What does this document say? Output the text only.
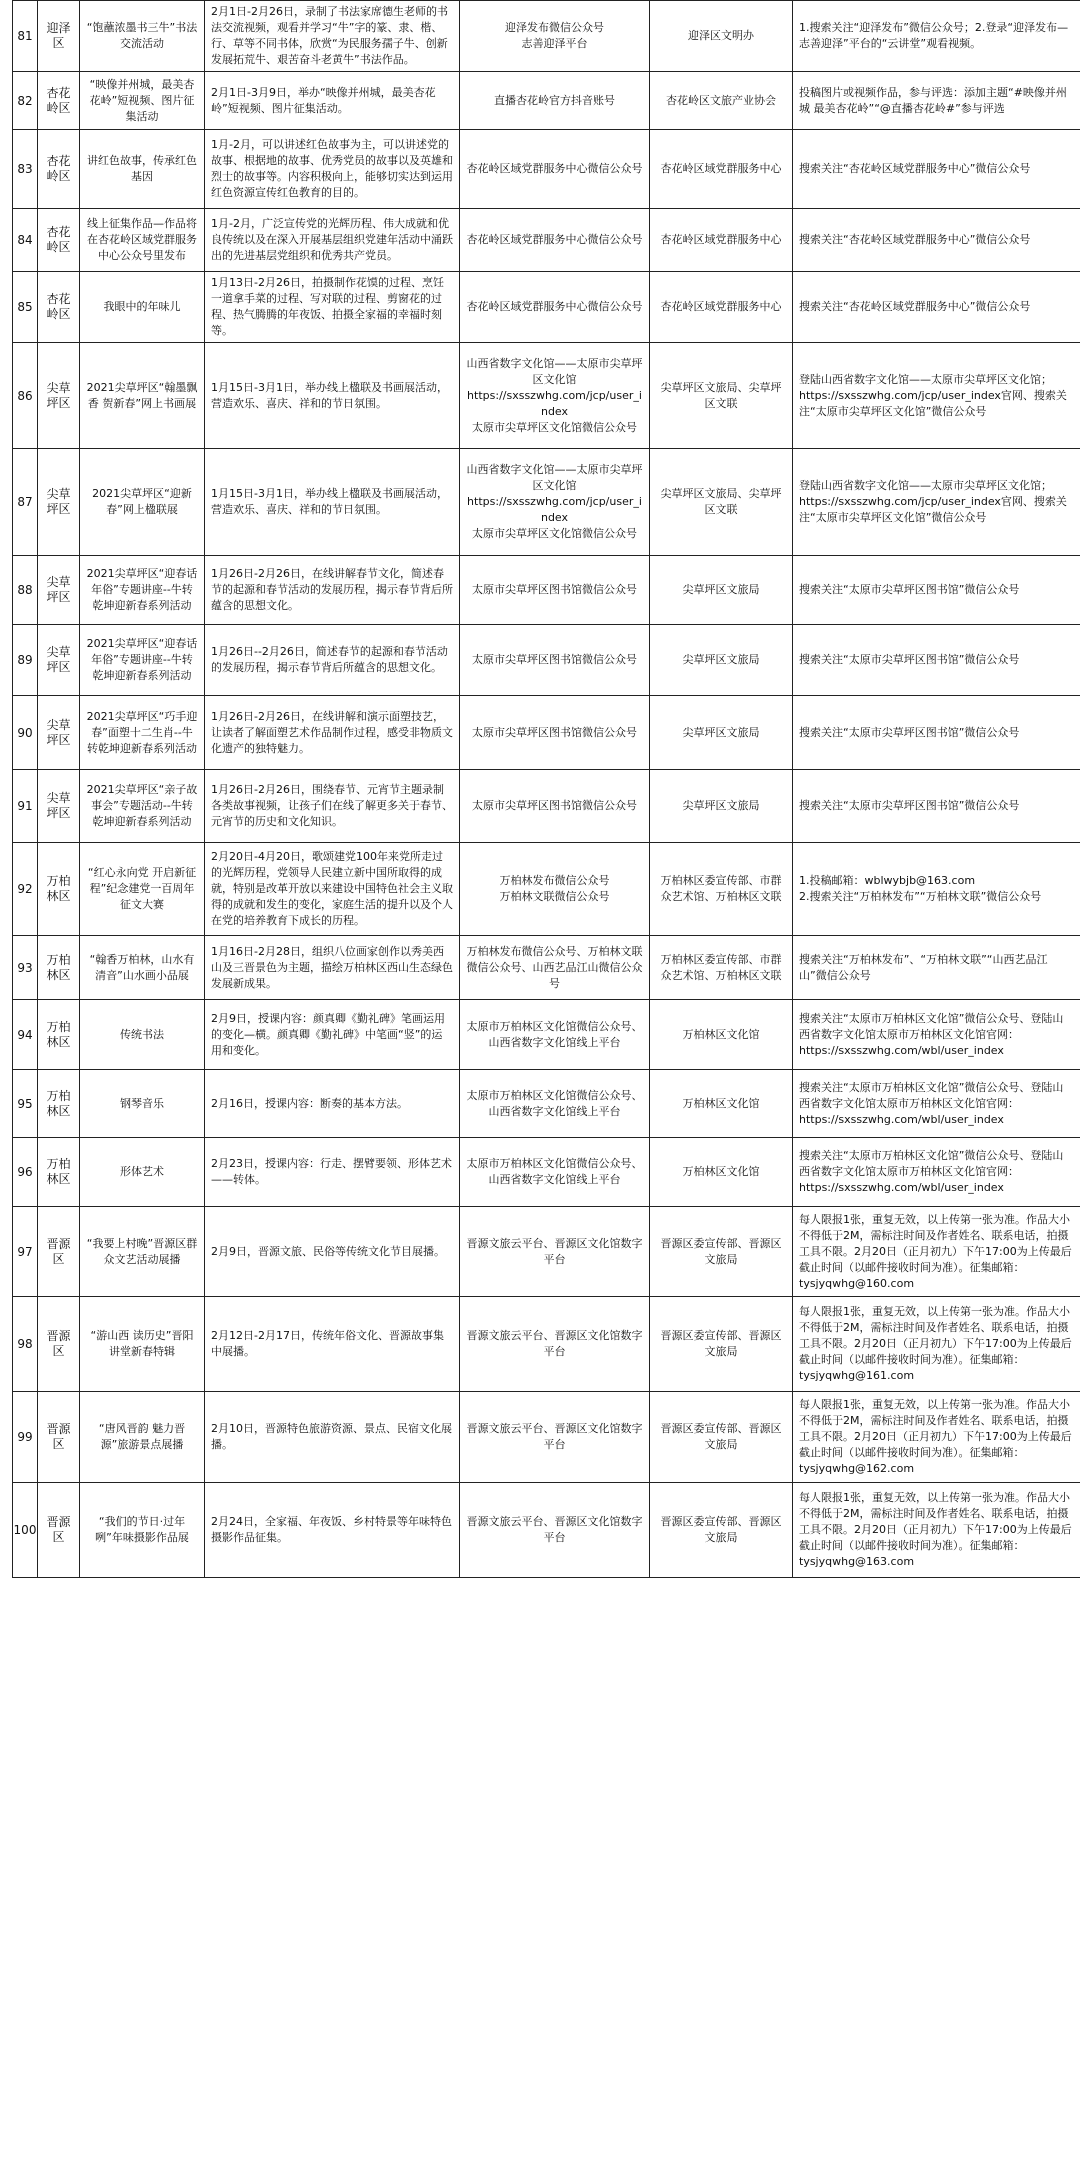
81	迎泽区	“饱蘸浓墨书三牛”书法交流活动	2月1日-2月26日，录制了书法家席德生老师的书法交流视频，观看并学习“牛”字的篆、隶、楷、行、草等不同书体，欣赏“为民服务孺子牛、创新发展拓荒牛、艰苦奋斗老黄牛”书法作品。	迎泽发布微信公众号
志善迎泽平台	迎泽区文明办	1.搜索关注“迎泽发布”微信公众号；2.登录“迎泽发布—志善迎泽”平台的“云讲堂”观看视频。
82	杏花岭区	“映像并州城，最美杏花岭”短视频、图片征集活动	2月1日-3月9日，举办“映像并州城，最美杏花岭”短视频、图片征集活动。	直播杏花岭官方抖音账号	杏花岭区文旅产业协会	投稿图片或视频作品，参与评选：添加主题“#映像并州城 最美杏花岭”“@直播杏花岭#”参与评选
83	杏花岭区	讲红色故事，传承红色基因	1月-2月，可以讲述红色故事为主，可以讲述党的故事、根据地的故事、优秀党员的故事以及英雄和烈士的故事等。内容积极向上，能够切实达到运用红色资源宣传红色教育的目的。	杏花岭区域党群服务中心微信公众号	杏花岭区域党群服务中心	搜索关注“杏花岭区域党群服务中心”微信公众号
84	杏花岭区	线上征集作品—作品将在杏花岭区域党群服务中心公众号里发布	1月-2月，广泛宣传党的光辉历程、伟大成就和优良传统以及在深入开展基层组织党建年活动中涌跃出的先进基层党组织和优秀共产党员。	杏花岭区域党群服务中心微信公众号	杏花岭区域党群服务中心	搜索关注“杏花岭区域党群服务中心”微信公众号
85	杏花岭区	我眼中的年味儿	1月13日-2月26日，拍摄制作花馍的过程、烹饪一道拿手菜的过程、写对联的过程、剪窗花的过程、热气腾腾的年夜饭、拍摄全家福的幸福时刻等。	杏花岭区域党群服务中心微信公众号	杏花岭区域党群服务中心	搜索关注“杏花岭区域党群服务中心”微信公众号
86	尖草坪区	2021尖草坪区“翰墨飘香 贺新春”网上书画展	1月15日-3月1日，举办线上楹联及书画展活动，营造欢乐、喜庆、祥和的节日氛围。	山西省数字文化馆——太原市尖草坪区文化馆
https://sxsszwhg.com/jcp/user_index
太原市尖草坪区文化馆微信公众号	尖草坪区文旅局、尖草坪区文联	登陆山西省数字文化馆——太原市尖草坪区文化馆；
https://sxsszwhg.com/jcp/user_index官网、搜索关注“太原市尖草坪区文化馆”微信公众号
87	尖草坪区	2021尖草坪区“迎新春”网上楹联展	1月15日-3月1日，举办线上楹联及书画展活动，营造欢乐、喜庆、祥和的节日氛围。	山西省数字文化馆——太原市尖草坪区文化馆
https://sxsszwhg.com/jcp/user_index
太原市尖草坪区文化馆微信公众号	尖草坪区文旅局、尖草坪区文联	登陆山西省数字文化馆——太原市尖草坪区文化馆；
https://sxsszwhg.com/jcp/user_index官网、搜索关注“太原市尖草坪区文化馆”微信公众号
88	尖草坪区	2021尖草坪区“迎春话年俗”专题讲座--牛转乾坤迎新春系列活动	1月26日-2月26日，在线讲解春节文化，简述春节的起源和春节活动的发展历程，揭示春节背后所蕴含的思想文化。	太原市尖草坪区图书馆微信公众号	尖草坪区文旅局	搜索关注“太原市尖草坪区图书馆”微信公众号
89	尖草坪区	2021尖草坪区“迎春话年俗”专题讲座--牛转乾坤迎新春系列活动	1月26日--2月26日，简述春节的起源和春节活动的发展历程，揭示春节背后所蕴含的思想文化。	太原市尖草坪区图书馆微信公众号	尖草坪区文旅局	搜索关注“太原市尖草坪区图书馆”微信公众号
90	尖草坪区	2021尖草坪区“巧手迎春”面塑十二生肖--牛转乾坤迎新春系列活动	1月26日-2月26日，在线讲解和演示面塑技艺，让读者了解面塑艺术作品制作过程，感受非物质文化遗产的独特魅力。	太原市尖草坪区图书馆微信公众号	尖草坪区文旅局	搜索关注“太原市尖草坪区图书馆”微信公众号
91	尖草坪区	2021尖草坪区“亲子故事会”专题活动--牛转乾坤迎新春系列活动	1月26日-2月26日，围绕春节、元宵节主题录制各类故事视频，让孩子们在线了解更多关于春节、元宵节的历史和文化知识。	太原市尖草坪区图书馆微信公众号	尖草坪区文旅局	搜索关注“太原市尖草坪区图书馆”微信公众号
92	万柏林区	“红心永向党 开启新征程”纪念建党一百周年征文大赛	2月20日-4月20日，歌颂建党100年来党所走过的光辉历程，党领导人民建立新中国所取得的成就，特别是改革开放以来建设中国特色社会主义取得的成就和发生的变化，家庭生活的提升以及个人在党的培养教育下成长的历程。	万柏林发布微信公众号
万柏林文联微信公众号	万柏林区委宣传部、市群众艺术馆、万柏林区文联	1.投稿邮箱：wblwybjb@163.com
2.搜索关注“万柏林发布”“万柏林文联”微信公众号
93	万柏林区	“翰香万柏林，山水有清音”山水画小品展	1月16日-2月28日，组织八位画家创作以秀美西山及三晋景色为主题，描绘万柏林区西山生态绿色发展新成果。	万柏林发布微信公众号、万柏林文联微信公众号、山西艺品江山微信公众号	万柏林区委宣传部、市群众艺术馆、万柏林区文联	搜索关注“万柏林发布”、“万柏林文联”“山西艺品江山”微信公众号
94	万柏林区	传统书法	2月9日，授课内容：颜真卿《勤礼碑》笔画运用的变化—横。颜真卿《勤礼碑》中笔画“竖”的运用和变化。	太原市万柏林区文化馆微信公众号、山西省数字文化馆线上平台	万柏林区文化馆	搜索关注“太原市万柏林区文化馆”微信公众号、登陆山西省数字文化馆太原市万柏林区文化馆官网：
https://sxsszwhg.com/wbl/user_index
95	万柏林区	钢琴音乐	2月16日，授课内容：断奏的基本方法。	太原市万柏林区文化馆微信公众号、山西省数字文化馆线上平台	万柏林区文化馆	搜索关注“太原市万柏林区文化馆”微信公众号、登陆山西省数字文化馆太原市万柏林区文化馆官网：
https://sxsszwhg.com/wbl/user_index
96	万柏林区	形体艺术	2月23日，授课内容：行走、摆臂要领、形体艺术——转体。	太原市万柏林区文化馆微信公众号、山西省数字文化馆线上平台	万柏林区文化馆	搜索关注“太原市万柏林区文化馆”微信公众号、登陆山西省数字文化馆太原市万柏林区文化馆官网：
https://sxsszwhg.com/wbl/user_index
97	晋源区	“我要上村晚”晋源区群众文艺活动展播	2月9日，晋源文旅、民俗等传统文化节目展播。	晋源文旅云平台、晋源区文化馆数字平台	晋源区委宣传部、晋源区文旅局	每人限报1张，重复无效，以上传第一张为准。作品大小不得低于2M，需标注时间及作者姓名、联系电话，拍摄工具不限。2月20日（正月初九）下午17:00为上传最后截止时间（以邮件接收时间为准）。征集邮箱：
tysjyqwhg@160.com
98	晋源区	“游山西 读历史”晋阳讲堂新春特辑	2月12日-2月17日，传统年俗文化、晋源故事集中展播。	晋源文旅云平台、晋源区文化馆数字平台	晋源区委宣传部、晋源区文旅局	每人限报1张，重复无效，以上传第一张为准。作品大小不得低于2M，需标注时间及作者姓名、联系电话，拍摄工具不限。2月20日（正月初九）下午17:00为上传最后截止时间（以邮件接收时间为准）。征集邮箱：
tysjyqwhg@161.com
99	晋源区	“唐风晋韵 魅力晋源”旅游景点展播	2月10日，晋源特色旅游资源、景点、民宿文化展播。	晋源文旅云平台、晋源区文化馆数字平台	晋源区委宣传部、晋源区文旅局	每人限报1张，重复无效，以上传第一张为准。作品大小不得低于2M，需标注时间及作者姓名、联系电话，拍摄工具不限。2月20日（正月初九）下午17:00为上传最后截止时间（以邮件接收时间为准）。征集邮箱：
tysjyqwhg@162.com
100	晋源区	“我们的节日·过年咧”年味摄影作品展	2月24日，全家福、年夜饭、乡村特景等年味特色摄影作品征集。	晋源文旅云平台、晋源区文化馆数字平台	晋源区委宣传部、晋源区文旅局	每人限报1张，重复无效，以上传第一张为准。作品大小不得低于2M，需标注时间及作者姓名、联系电话，拍摄工具不限。2月20日（正月初九）下午17:00为上传最后截止时间（以邮件接收时间为准）。征集邮箱：
tysjyqwhg@163.com
